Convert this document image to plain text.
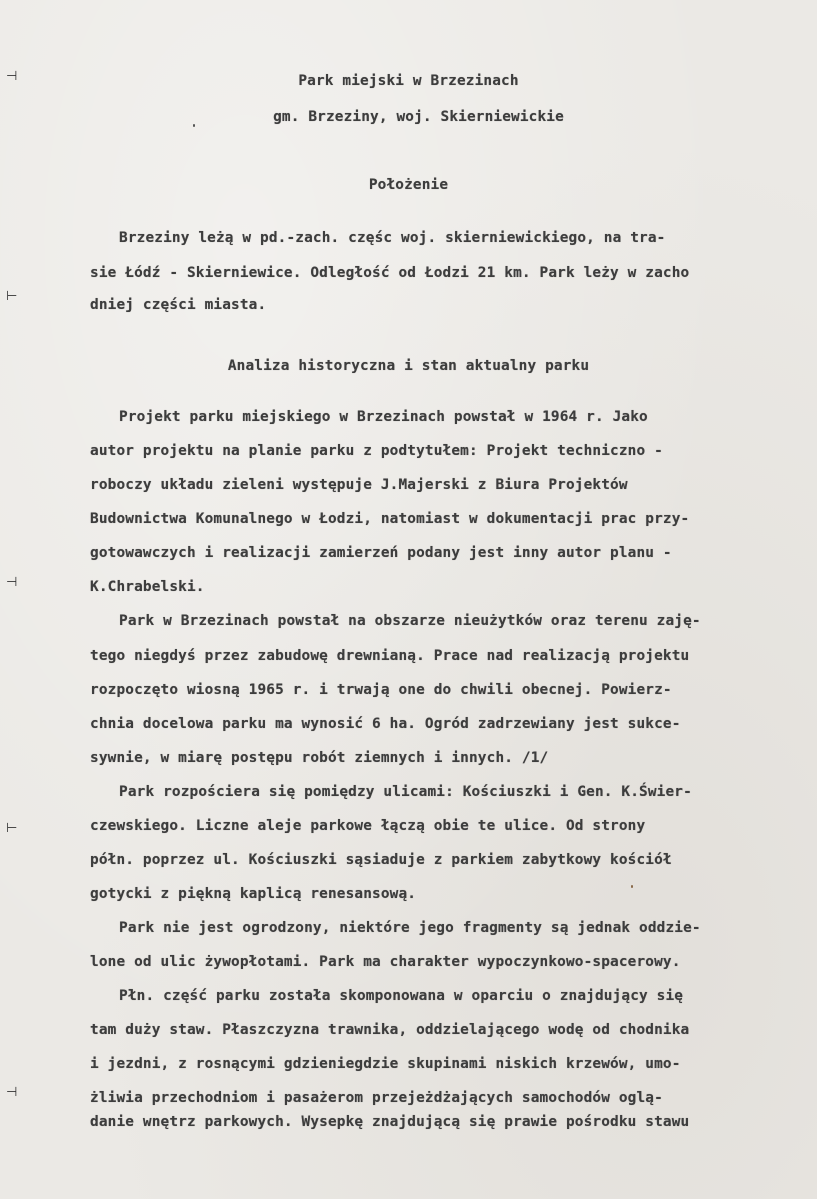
Park miejski w Brzezinach
gm. Brzeziny, woj. Skierniewickie
Położenie
Brzeziny leżą w pd.-zach. częśc woj. skierniewickiego, na tra-
sie Łódź - Skierniewice. Odległość od Łodzi 21 km. Park leży w zacho
dniej części miasta.
Analiza historyczna i stan aktualny parku
Projekt parku miejskiego w Brzezinach powstał w 1964 r. Jako
autor projektu na planie parku z podtytułem: Projekt techniczno -
roboczy układu zieleni występuje J.Majerski z Biura Projektów
Budownictwa Komunalnego w Łodzi, natomiast w dokumentacji prac przy-
gotowawczych i realizacji zamierzeń podany jest inny autor planu -
K.Chrabelski.
Park w Brzezinach powstał na obszarze nieużytków oraz terenu zaję-
tego niegdyś przez zabudowę drewnianą. Prace nad realizacją projektu
rozpoczęto wiosną 1965 r. i trwają one do chwili obecnej. Powierz-
chnia docelowa parku ma wynosić 6 ha. Ogród zadrzewiany jest sukce-
sywnie, w miarę postępu robót ziemnych i innych. /1/
Park rozpościera się pomiędzy ulicami: Kościuszki i Gen. K.Świer-
czewskiego. Liczne aleje parkowe łączą obie te ulice. Od strony
półn. poprzez ul. Kościuszki sąsiaduje z parkiem zabytkowy kościół
gotycki z piękną kaplicą renesansową.
Park nie jest ogrodzony, niektóre jego fragmenty są jednak oddzie-
lone od ulic żywopłotami. Park ma charakter wypoczynkowo-spacerowy.
Płn. część parku została skomponowana w oparciu o znajdujący się
tam duży staw. Płaszczyzna trawnika, oddzielającego wodę od chodnika
i jezdni, z rosnącymi gdzieniegdzie skupinami niskich krzewów, umo-
żliwia przechodniom i pasażerom przejeżdżających samochodów oglą-
danie wnętrz parkowych. Wysepkę znajdującą się prawie pośrodku stawu
⊣
⊢
⊣
⊢
⊣
